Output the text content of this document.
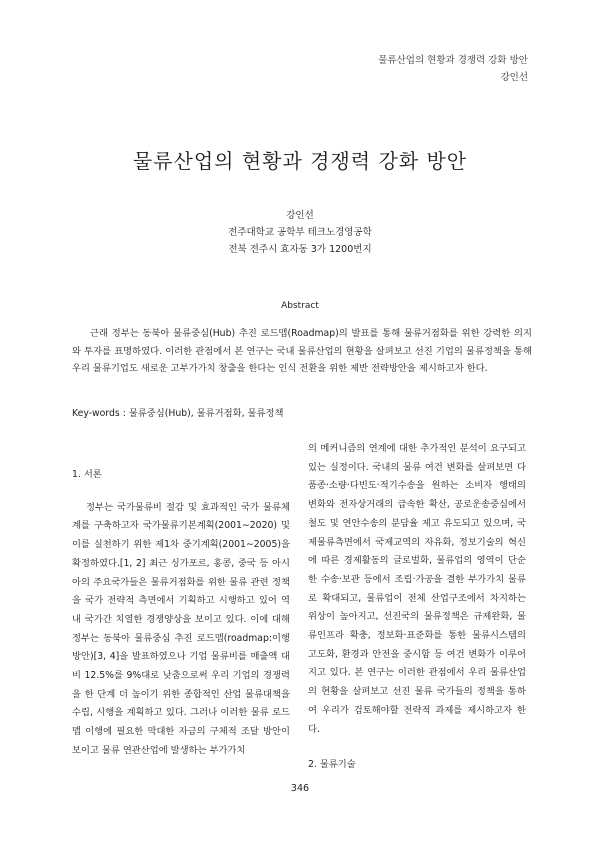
물류산업의 현황과 경쟁력 강화 방안
강인선
물류산업의 현황과 경쟁력 강화 방안
강인선
전주대학교 공학부 테크노경영공학
전북 전주시 효자동 3가 1200번지
Abstract
근래 정부는 동북아 물류중심(Hub) 추진 로드맵(Roadmap)의 발표를 통해 물류거점화를 위한 강력한 의지와 투자를 표명하였다. 이러한 관점에서 본 연구는 국내 물류산업의 현황을 살펴보고 선진 기업의 물류정책을 통해 우리 물류기업도 새로운 고부가가치 창출을 한다는 인식 전환을 위한 제반 전략방안을 제시하고자 한다.
Key-words : 물류중심(Hub), 물류거점화, 물류정책
1. 서론

정부는 국가물류비 절감 및 효과적인 국가 물류체계를 구축하고자 국가물류기본계획(2001∼2020) 및 이를 실천하기 위한 제1차 중기계획(2001∼2005)을 확정하였다.[1, 2] 최근 싱가포르, 홍콩, 중국 등 아시아의 주요국가들은 물류거점화를 위한 물류 관련 정책을 국가 전략적 측면에서 기획하고 시행하고 있어 역내 국가간 치열한 경쟁양상을 보이고 있다. 이에 대해 정부는 동북아 물류중심 추진 로드맵(roadmap:이행방안)[3, 4]을 발표하였으나 기업 물류비를 매출액 대비 12.5%를 9%대로 낮춤으로써 우리 기업의 경쟁력을 한 단계 더 높이기 위한 종합적인 산업 물류대책을 수립, 시행을 계획하고 있다. 그러나 이러한 물류 로드맵 이행에 필요한 막대한 자금의 구체적 조달 방안이 보이고 물류 연관산업에 발생하는 부가가치

의 메커니즘의 연계에 대한 추가적인 분석이 요구되고 있는 실정이다. 국내의 물류 여건 변화를 살펴보면 다품종·소량·다빈도·적기수송을 원하는 소비자 행태의 변화와 전자상거래의 급속한 확산, 공로운송중심에서 철도 및 연안수송의 분담율 제고 유도되고 있으며, 국제물류측면에서 국제교역의 자유화, 정보기술의 혁신에 따른 경제활동의 글로벌화, 물류업의 영역이 단순한 수송·보관 등에서 조립·가공을 결한 부가가치 물류로 확대되고, 물류업이 전체 산업구조에서 차지하는 위상이 높아지고, 선진국의 물류정책은 규제완화, 물류인프라 확충, 정보화·표준화를 통한 물류시스템의 고도화, 환경과 안전을 중시함 등 여건 변화가 이루어지고 있다. 본 연구는 이러한 관점에서 우리 물류산업의 현황을 살펴보고 선진 물류 국가들의 정책을 통하여 우리가 검토해야할 전략적 과제를 제시하고자 한다.

2. 물류기술
346
